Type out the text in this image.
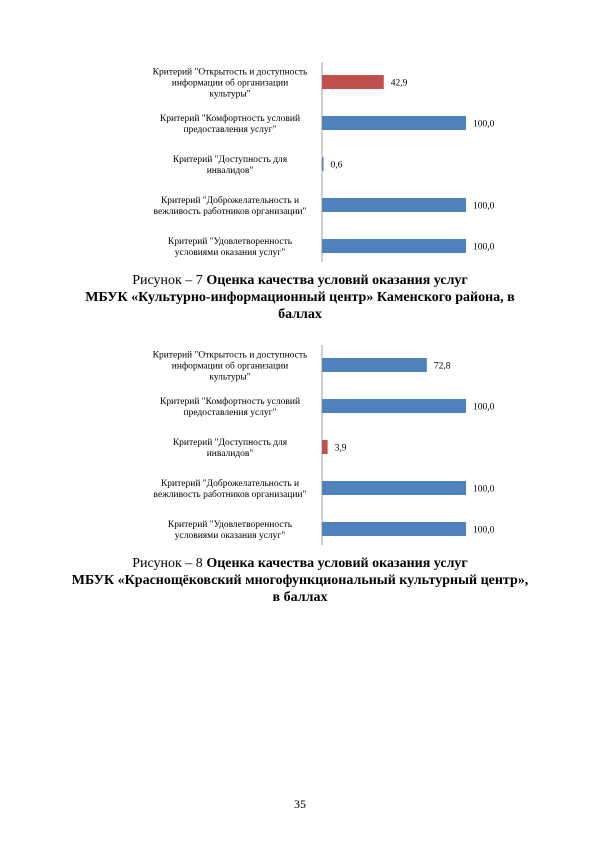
42,9
Критерий "Открытость и доступность информации об организации культуры"
100,0
Критерий "Комфортность условий предоставления услуг"
0,6
Критерий "Доступность для инвалидов"
100,0
Критерий "Доброжелательность и вежливость работников организации"
100,0
Критерий "Удовлетворенность условиями оказания услуг"
Рисунок – 7 Оценка качества условий оказания услуг
МБУК «Культурно-информационный центр» Каменского района, в
баллах
72,8
Критерий "Открытость и доступность информации об организации культуры"
100,0
Критерий "Комфортность условий предоставления услуг"
3,9
Критерий "Доступность для инвалидов"
100,0
Критерий "Доброжелательность и вежливость работников организации"
100,0
Критерий "Удовлетворенность условиями оказания услуг"
Рисунок – 8 Оценка качества условий оказания услуг
МБУК «Краснощёковский многофункциональный культурный центр»,
в баллах
35
